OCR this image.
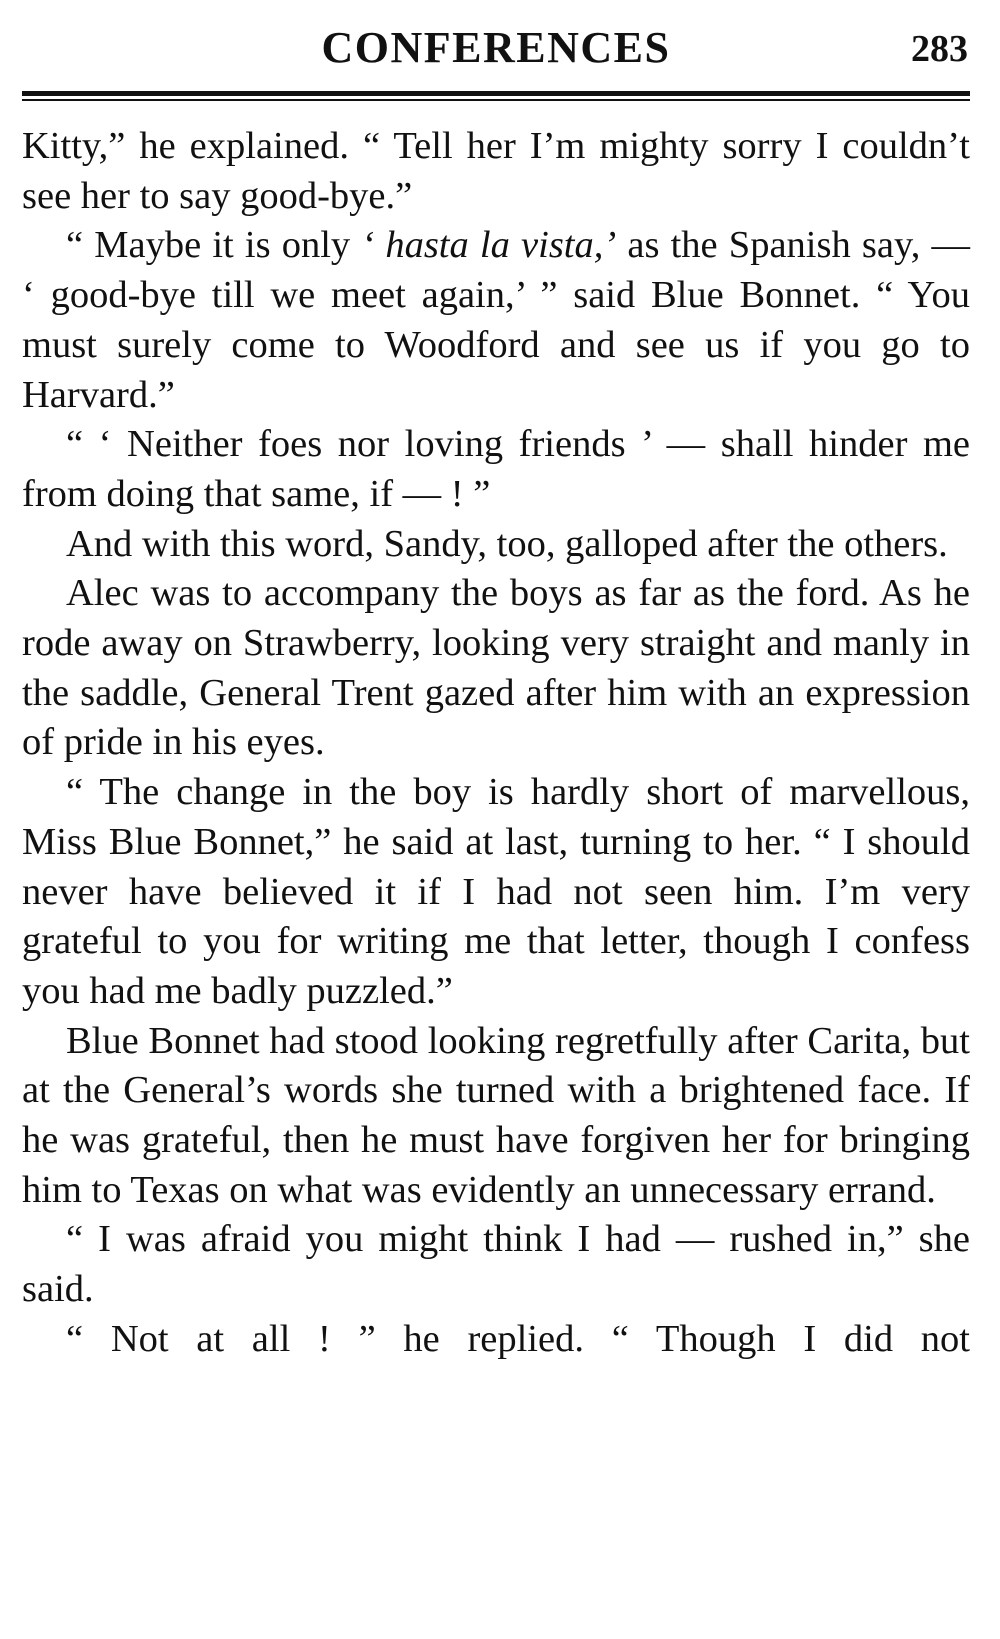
CONFERENCES	283

Kitty,” he explained. “ Tell her I’m mighty sorry I couldn’t see her to say good-bye.”

“ Maybe it is only ‘ hasta la vista,’ as the Spanish say, — ‘ good-bye till we meet again,’ ” said Blue Bonnet. “ You must surely come to Woodford and see us if you go to Harvard.”

“ ‘ Neither foes nor loving friends ’ — shall hinder me from doing that same, if — ! ”

And with this word, Sandy, too, galloped after the others.

Alec was to accompany the boys as far as the ford. As he rode away on Strawberry, looking very straight and manly in the saddle, General Trent gazed after him with an expression of pride in his eyes.

“ The change in the boy is hardly short of marvellous, Miss Blue Bonnet,” he said at last, turning to her. “ I should never have believed it if I had not seen him. I’m very grateful to you for writing me that letter, though I confess you had me badly puzzled.”

Blue Bonnet had stood looking regretfully after Carita, but at the General’s words she turned with a brightened face. If he was grateful, then he must have forgiven her for bringing him to Texas on what was evidently an unnecessary errand.

“ I was afraid you might think I had — rushed in,” she said.

“ Not at all ! ” he replied. “ Though I did not
